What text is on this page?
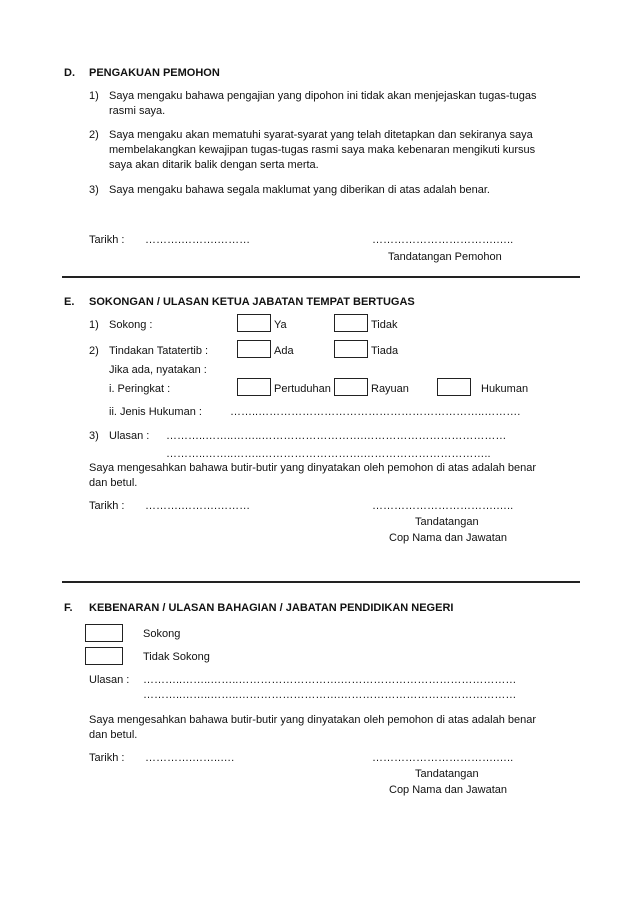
D. PENGAKUAN PEMOHON
1) Saya mengaku bahawa pengajian yang dipohon ini tidak akan menjejaskan tugas-tugas
rasmi saya.
2) Saya mengaku akan mematuhi syarat-syarat yang telah ditetapkan dan sekiranya saya
membelakangkan kewajipan tugas-tugas rasmi saya maka kebenaran mengikuti kursus
saya akan ditarik balik dengan serta merta.
3) Saya mengaku bahawa segala maklumat yang diberikan di atas adalah benar.
Tarikh : ……….……….………	…………………………….…..
Tandatangan Pemohon
E. SOKONGAN / ULASAN KETUA JABATAN TEMPAT BERTUGAS
1) Sokong :	Ya	Tidak
2) Tindakan Tatatertib :	Ada	Tiada
Jika ada, nyatakan :
i. Peringkat :	Pertuduhan	Rayuan	Hukuman
ii. Jenis Hukuman :	……..……………………………………………………..……….
3) Ulasan : ………..……..……..……………………….…………………………………
………..……..……..……………………….……………………………..
Saya mengesahkan bahawa butir-butir yang dinyatakan oleh pemohon di atas adalah benar
dan betul.
Tarikh : ……….……….………	…………………………….…..
Tandatangan
Cop Nama dan Jawatan
F. KEBENARAN / ULASAN BAHAGIAN / JABATAN PENDIDIKAN NEGERI
Sokong
Tidak Sokong
Ulasan : ………..……..……..……………………….…………………………………………
………..……..……..……………………….…………………………………………
Saya mengesahkan bahawa butir-butir yang dinyatakan oleh pemohon di atas adalah benar
dan betul.
Tarikh : ………….……..….	…………………………….…..
Tandatangan
Cop Nama dan Jawatan
